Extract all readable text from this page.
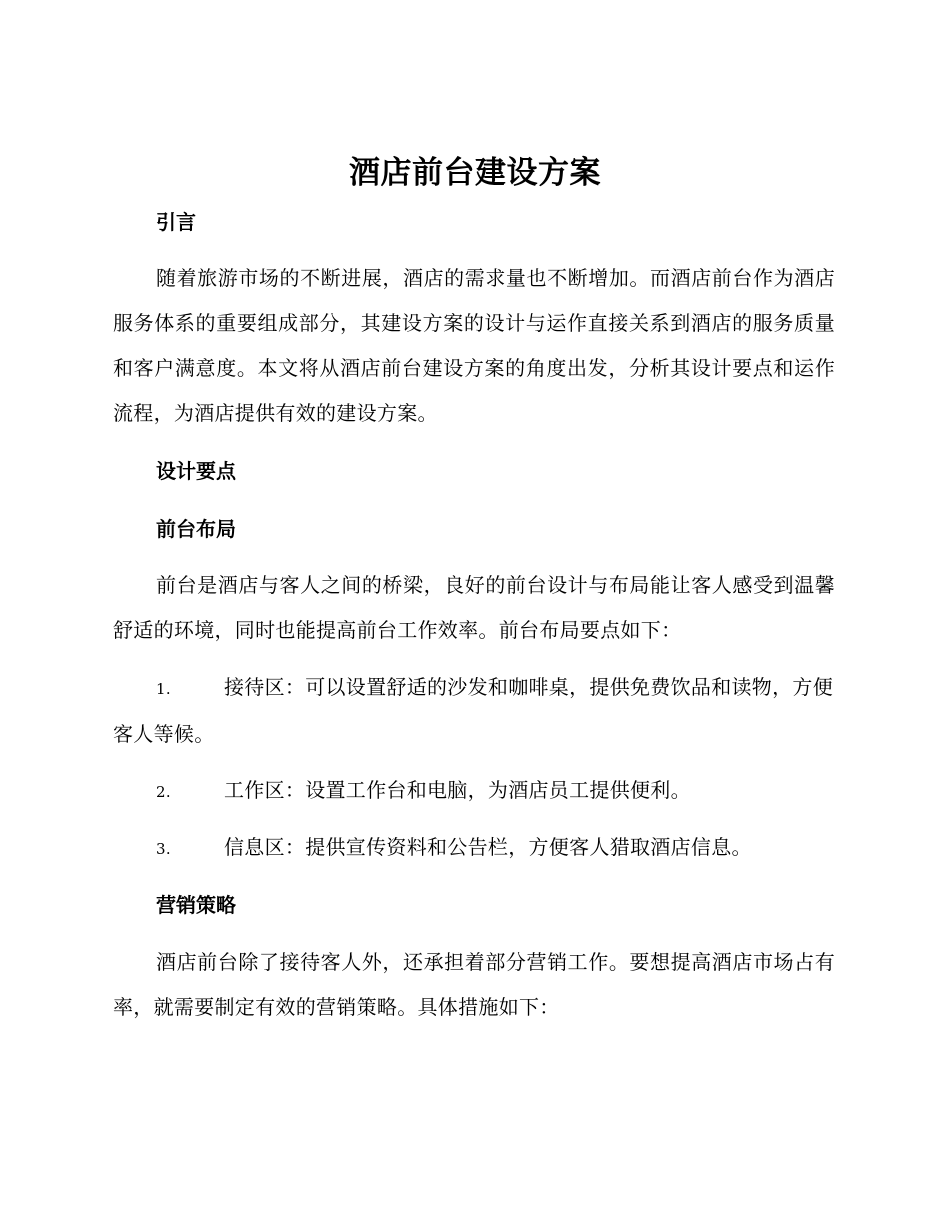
酒店前台建设方案
引言
随着旅游市场的不断进展，酒店的需求量也不断增加。而酒店前台作为酒店服务体系的重要组成部分，其建设方案的设计与运作直接关系到酒店的服务质量和客户满意度。本文将从酒店前台建设方案的角度出发，分析其设计要点和运作流程，为酒店提供有效的建设方案。
设计要点
前台布局
前台是酒店与客人之间的桥梁，良好的前台设计与布局能让客人感受到温馨舒适的环境，同时也能提高前台工作效率。前台布局要点如下：
1.	接待区：可以设置舒适的沙发和咖啡桌，提供免费饮品和读物，方便客人等候。
2.	工作区：设置工作台和电脑，为酒店员工提供便利。
3.	信息区：提供宣传资料和公告栏，方便客人猎取酒店信息。
营销策略
酒店前台除了接待客人外，还承担着部分营销工作。要想提高酒店市场占有率，就需要制定有效的营销策略。具体措施如下：
